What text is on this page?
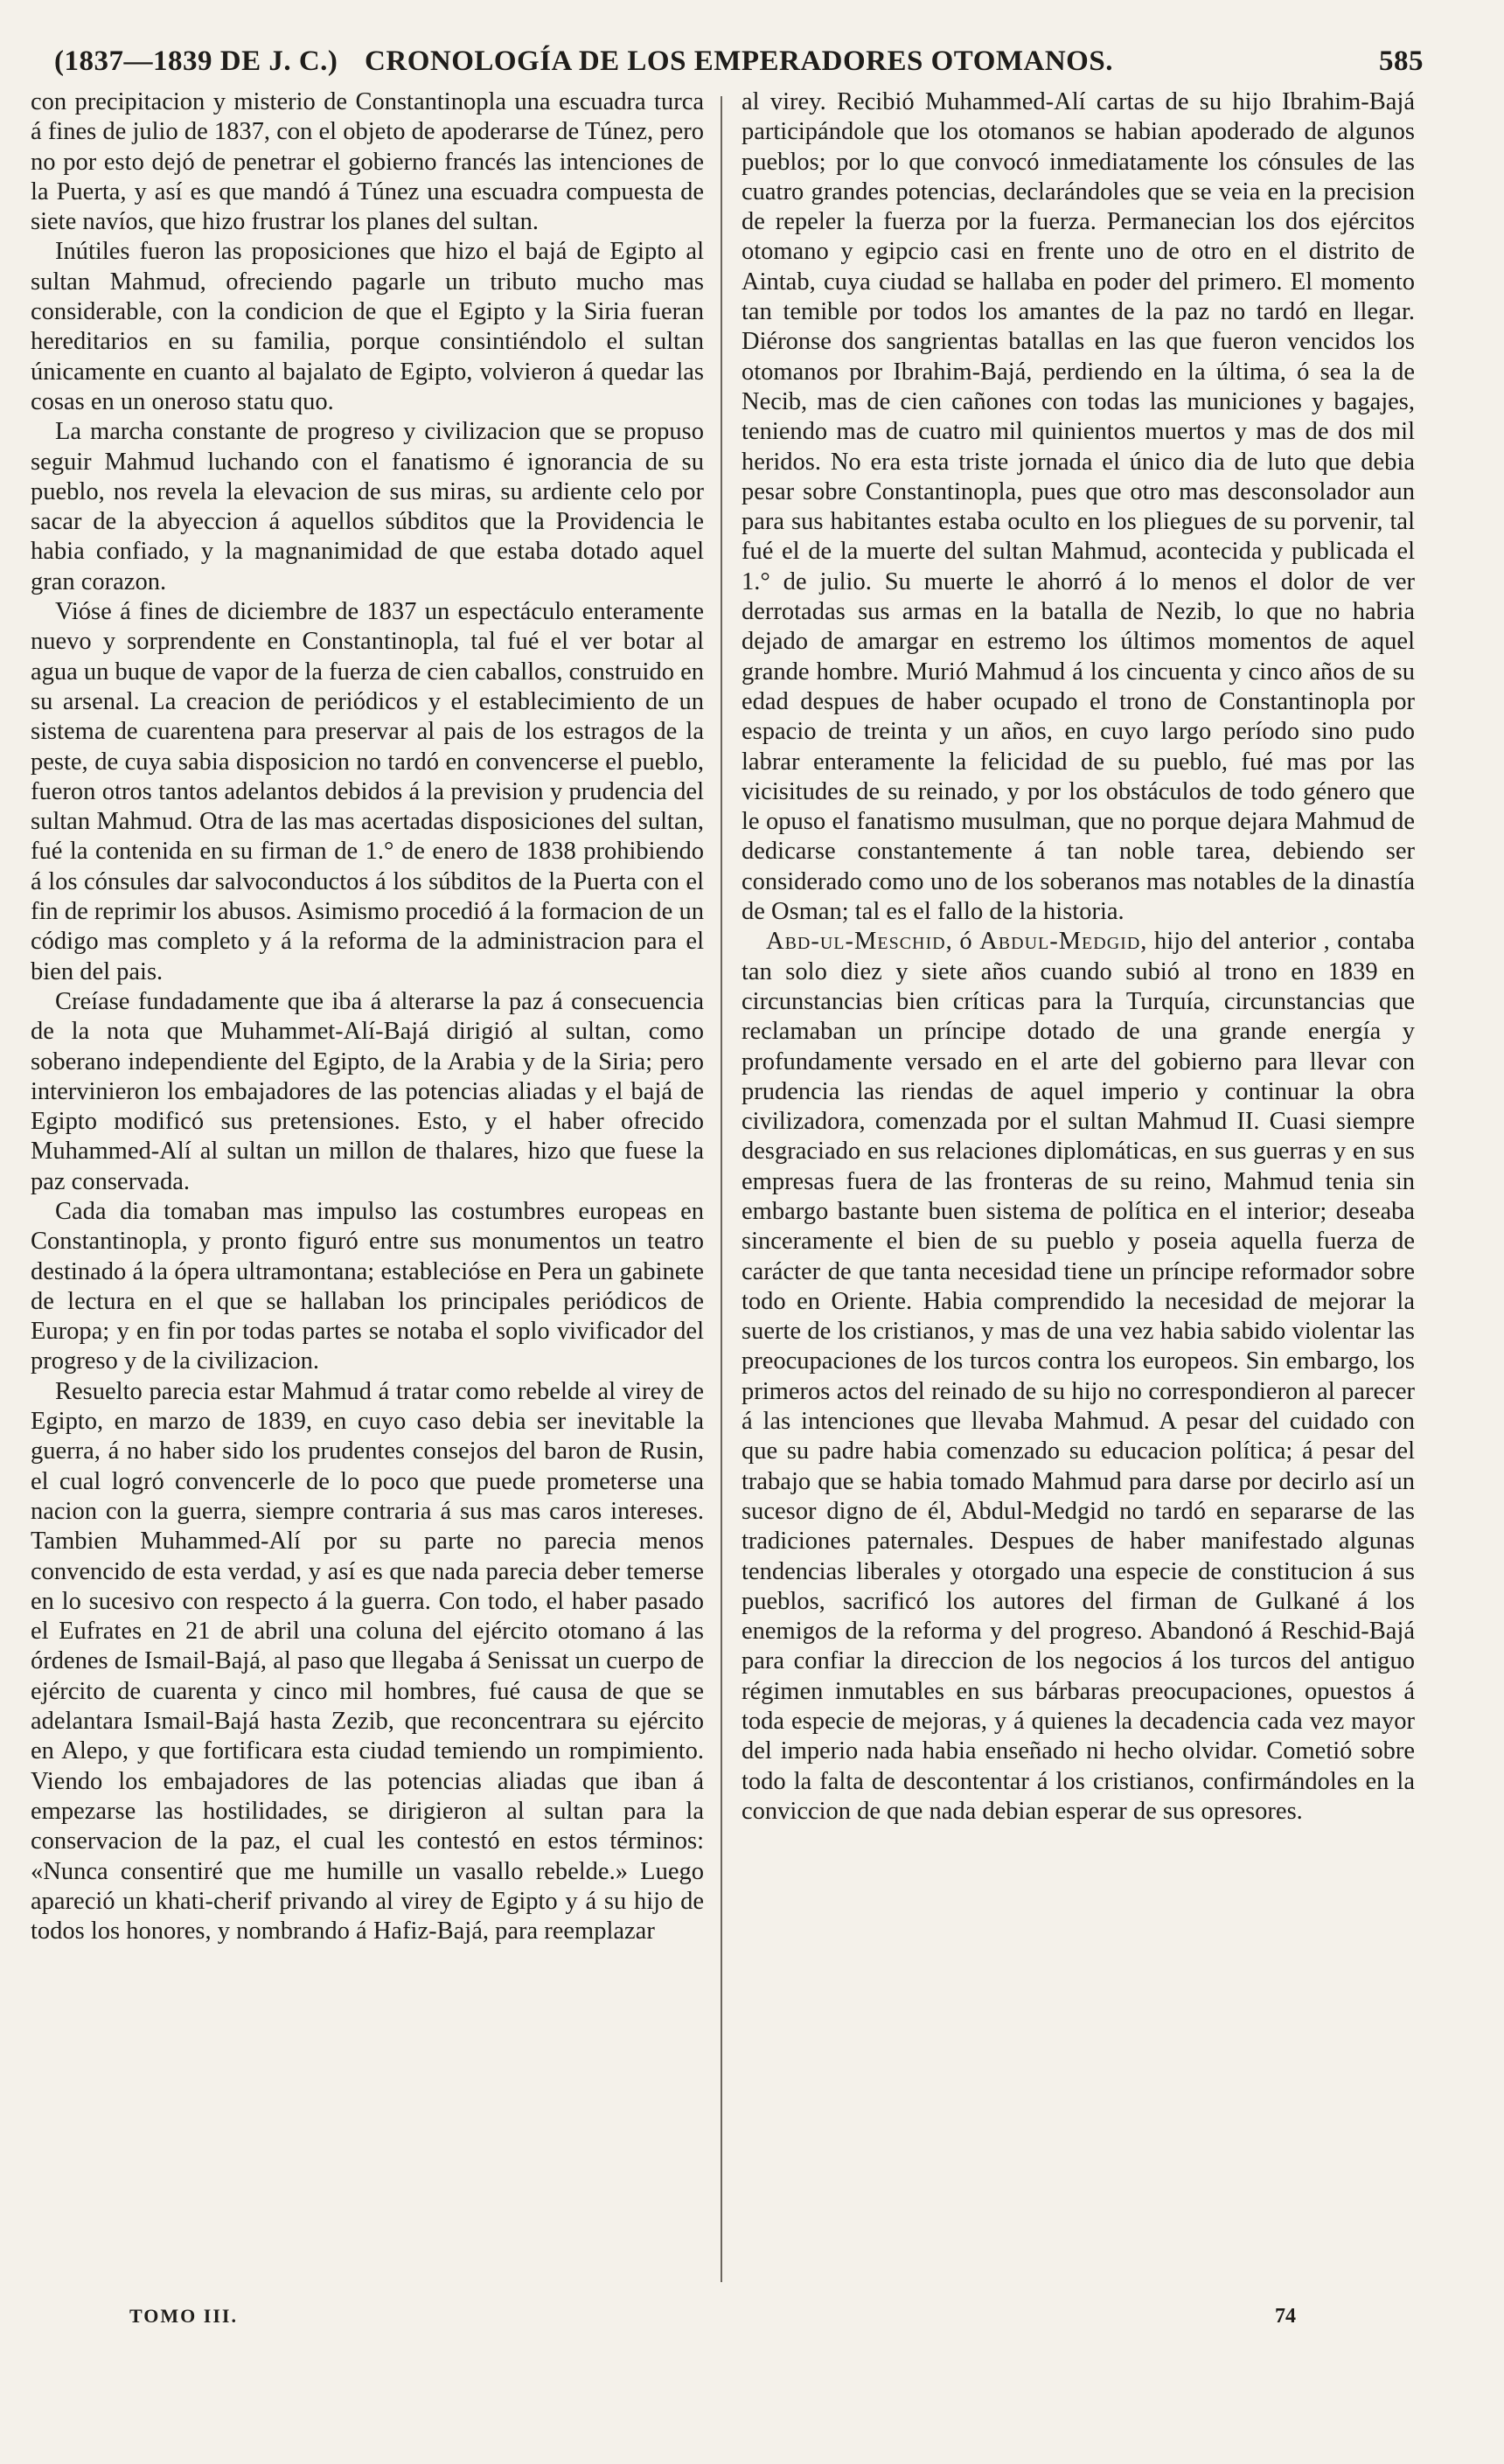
(1837—1839 DE J. C.) CRONOLOGÍA DE LOS EMPERADORES OTOMANOS.	585

con precipitacion y misterio de Constantinopla una escuadra turca á fines de julio de 1837, con el objeto de apoderarse de Túnez, pero no por esto dejó de penetrar el gobierno francés las intenciones de la Puerta, y así es que mandó á Túnez una escuadra compuesta de siete navíos, que hizo frustrar los planes del sultan.

Inútiles fueron las proposiciones que hizo el bajá de Egipto al sultan Mahmud, ofreciendo pagarle un tributo mucho mas considerable, con la condicion de que el Egipto y la Siria fueran hereditarios en su familia, porque consintiéndolo el sultan únicamente en cuanto al bajalato de Egipto, volvieron á quedar las cosas en un oneroso statu quo.

La marcha constante de progreso y civilizacion que se propuso seguir Mahmud luchando con el fanatismo é ignorancia de su pueblo, nos revela la elevacion de sus miras, su ardiente celo por sacar de la abyeccion á aquellos súbditos que la Providencia le habia confiado, y la magnanimidad de que estaba dotado aquel gran corazon.

Vióse á fines de diciembre de 1837 un espectáculo enteramente nuevo y sorprendente en Constantinopla, tal fué el ver botar al agua un buque de vapor de la fuerza de cien caballos, construido en su arsenal. La creacion de periódicos y el establecimiento de un sistema de cuarentena para preservar al pais de los estragos de la peste, de cuya sabia disposicion no tardó en convencerse el pueblo, fueron otros tantos adelantos debidos á la prevision y prudencia del sultan Mahmud. Otra de las mas acertadas disposiciones del sultan, fué la contenida en su firman de 1.° de enero de 1838 prohibiendo á los cónsules dar salvoconductos á los súbditos de la Puerta con el fin de reprimir los abusos. Asimismo procedió á la formacion de un código mas completo y á la reforma de la administracion para el bien del pais.

Creíase fundadamente que iba á alterarse la paz á consecuencia de la nota que Muhammet-Alí-Bajá dirigió al sultan, como soberano independiente del Egipto, de la Arabia y de la Siria; pero intervinieron los embajadores de las potencias aliadas y el bajá de Egipto modificó sus pretensiones. Esto, y el haber ofrecido Muhammed-Alí al sultan un millon de thalares, hizo que fuese la paz conservada.

Cada dia tomaban mas impulso las costumbres europeas en Constantinopla, y pronto figuró entre sus monumentos un teatro destinado á la ópera ultramontana; establecióse en Pera un gabinete de lectura en el que se hallaban los principales periódicos de Europa; y en fin por todas partes se notaba el soplo vivificador del progreso y de la civilizacion.

Resuelto parecia estar Mahmud á tratar como rebelde al virey de Egipto, en marzo de 1839, en cuyo caso debia ser inevitable la guerra, á no haber sido los prudentes consejos del baron de Rusin, el cual logró convencerle de lo poco que puede prometerse una nacion con la guerra, siempre contraria á sus mas caros intereses. Tambien Muhammed-Alí por su parte no parecia menos convencido de esta verdad, y así es que nada parecia deber temerse en lo sucesivo con respecto á la guerra. Con todo, el haber pasado el Eufrates en 21 de abril una coluna del ejército otomano á las órdenes de Ismail-Bajá, al paso que llegaba á Senissat un cuerpo de ejército de cuarenta y cinco mil hombres, fué causa de que se adelantara Ismail-Bajá hasta Zezib, que reconcentrara su ejército en Alepo, y que fortificara esta ciudad temiendo un rompimiento. Viendo los embajadores de las potencias aliadas que iban á empezarse las hostilidades, se dirigieron al sultan para la conservacion de la paz, el cual les contestó en estos términos: «Nunca consentiré que me humille un vasallo rebelde.» Luego apareció un khati-cherif privando al virey de Egipto y á su hijo de todos los honores, y nombrando á Hafiz-Bajá, para reemplazar

al virey. Recibió Muhammed-Alí cartas de su hijo Ibrahim-Bajá participándole que los otomanos se habian apoderado de algunos pueblos; por lo que convocó inmediatamente los cónsules de las cuatro grandes potencias, declarándoles que se veia en la precision de repeler la fuerza por la fuerza. Permanecian los dos ejércitos otomano y egipcio casi en frente uno de otro en el distrito de Aintab, cuya ciudad se hallaba en poder del primero. El momento tan temible por todos los amantes de la paz no tardó en llegar. Diéronse dos sangrientas batallas en las que fueron vencidos los otomanos por Ibrahim-Bajá, perdiendo en la última, ó sea la de Necib, mas de cien cañones con todas las municiones y bagajes, teniendo mas de cuatro mil quinientos muertos y mas de dos mil heridos. No era esta triste jornada el único dia de luto que debia pesar sobre Constantinopla, pues que otro mas desconsolador aun para sus habitantes estaba oculto en los pliegues de su porvenir, tal fué el de la muerte del sultan Mahmud, acontecida y publicada el 1.° de julio. Su muerte le ahorró á lo menos el dolor de ver derrotadas sus armas en la batalla de Nezib, lo que no habria dejado de amargar en estremo los últimos momentos de aquel grande hombre. Murió Mahmud á los cincuenta y cinco años de su edad despues de haber ocupado el trono de Constantinopla por espacio de treinta y un años, en cuyo largo período sino pudo labrar enteramente la felicidad de su pueblo, fué mas por las vicisitudes de su reinado, y por los obstáculos de todo género que le opuso el fanatismo musulman, que no porque dejara Mahmud de dedicarse constantemente á tan noble tarea, debiendo ser considerado como uno de los soberanos mas notables de la dinastía de Osman; tal es el fallo de la historia.

Abd-ul-Meschid, ó Abdul-Medgid, hijo del anterior , contaba tan solo diez y siete años cuando subió al trono en 1839 en circunstancias bien críticas para la Turquía, circunstancias que reclamaban un príncipe dotado de una grande energía y profundamente versado en el arte del gobierno para llevar con prudencia las riendas de aquel imperio y continuar la obra civilizadora, comenzada por el sultan Mahmud II. Cuasi siempre desgraciado en sus relaciones diplomáticas, en sus guerras y en sus empresas fuera de las fronteras de su reino, Mahmud tenia sin embargo bastante buen sistema de política en el interior; deseaba sinceramente el bien de su pueblo y poseia aquella fuerza de carácter de que tanta necesidad tiene un príncipe reformador sobre todo en Oriente. Habia comprendido la necesidad de mejorar la suerte de los cristianos, y mas de una vez habia sabido violentar las preocupaciones de los turcos contra los europeos. Sin embargo, los primeros actos del reinado de su hijo no correspondieron al parecer á las intenciones que llevaba Mahmud. A pesar del cuidado con que su padre habia comenzado su educacion política; á pesar del trabajo que se habia tomado Mahmud para darse por decirlo así un sucesor digno de él, Abdul-Medgid no tardó en separarse de las tradiciones paternales. Despues de haber manifestado algunas tendencias liberales y otorgado una especie de constitucion á sus pueblos, sacrificó los autores del firman de Gulkané á los enemigos de la reforma y del progreso. Abandonó á Reschid-Bajá para confiar la direccion de los negocios á los turcos del antiguo régimen inmutables en sus bárbaras preocupaciones, opuestos á toda especie de mejoras, y á quienes la decadencia cada vez mayor del imperio nada habia enseñado ni hecho olvidar. Cometió sobre todo la falta de descontentar á los cristianos, confirmándoles en la conviccion de que nada debian esperar de sus opresores.

TOMO III.	74
